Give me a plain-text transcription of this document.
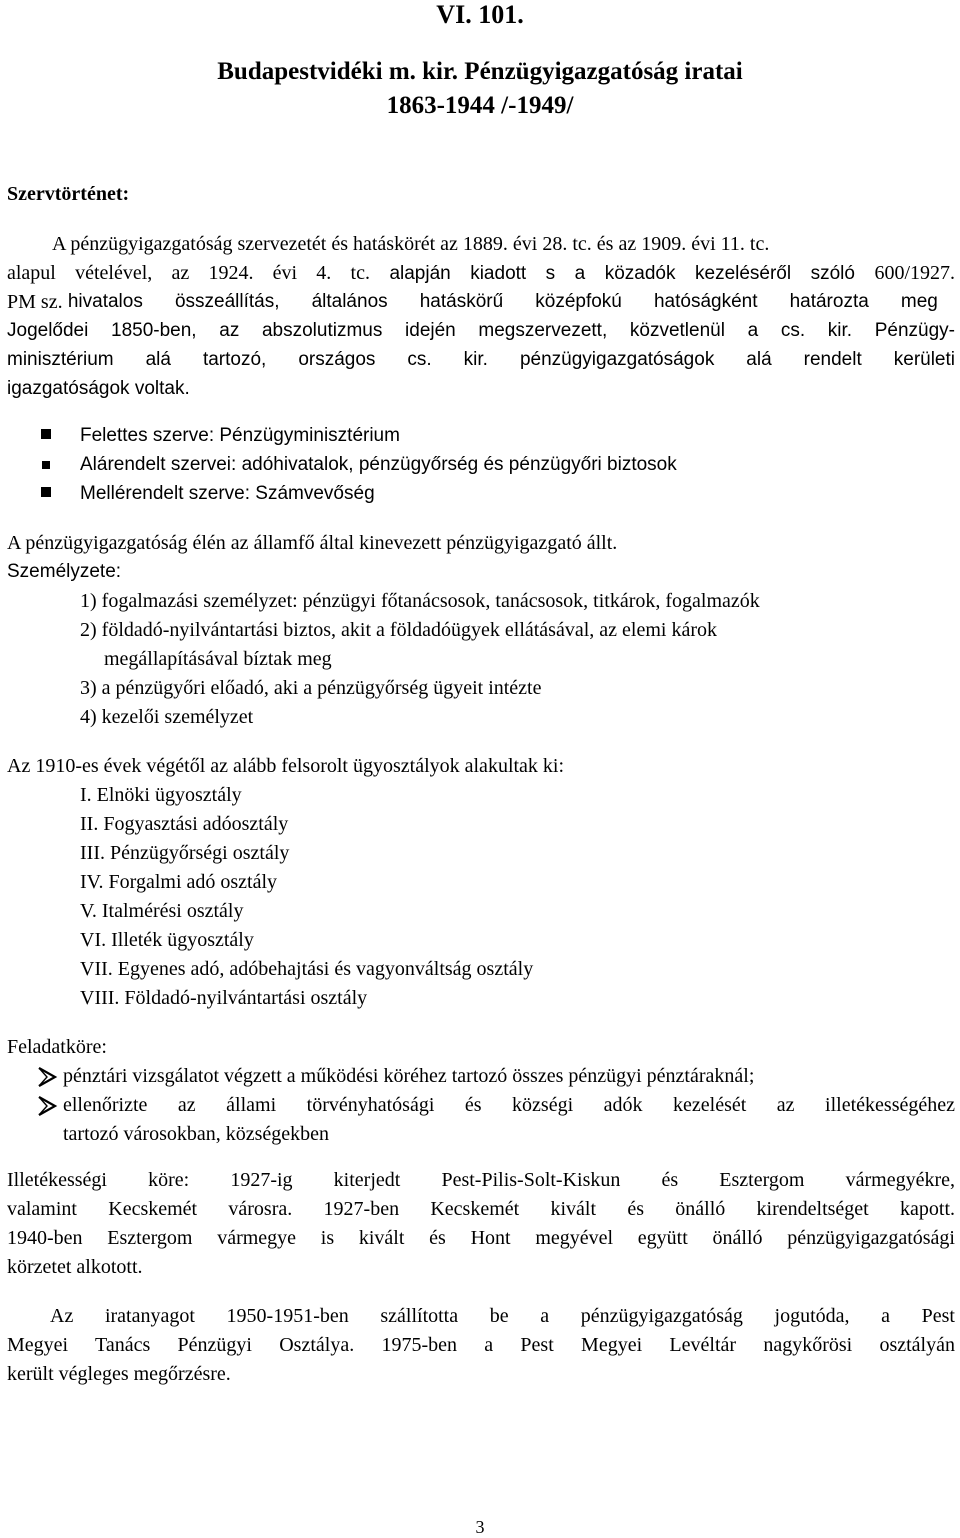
VI. 101.
Budapestvidéki m. kir. Pénzügyigazgatóság iratai
1863-1944 /-1949/
Szervtörténet:
A pénzügyigazgatóság szervezetét és hatáskörét az 1889. évi 28. tc. és az 1909. évi 11. tc.
alapul vételével, az 1924. évi 4. tc. alapján kiadott s a közadók kezeléséről szóló 600/1927.
PM sz. hivatalos összeállítás, általános hatáskörű középfokú hatóságként határozta meg
Jogelődei 1850-ben, az abszolutizmus idején megszervezett, közvetlenül a cs. kir. Pénzügy-
minisztérium alá tartozó, országos cs. kir. pénzügyigazgatóságok alá rendelt kerületi
igazgatóságok voltak.
Felettes szerve: Pénzügyminisztérium
Alárendelt szervei: adóhivatalok, pénzügyőrség és pénzügyőri biztosok
Mellérendelt szerve: Számvevőség
A pénzügyigazgatóság élén az államfő által kinevezett pénzügyigazgató állt.
Személyzete:
1) fogalmazási személyzet: pénzügyi főtanácsosok, tanácsosok, titkárok, fogalmazók
2) földadó-nyilvántartási biztos, akit a földadóügyek ellátásával, az elemi károk
megállapításával bíztak meg
3) a pénzügyőri előadó, aki a pénzügyőrség ügyeit intézte
4) kezelői személyzet
Az 1910-es évek végétől az alább felsorolt ügyosztályok alakultak ki:
I. Elnöki ügyosztály
II. Fogyasztási adóosztály
III. Pénzügyőrségi osztály
IV. Forgalmi adó osztály
V. Italmérési osztály
VI. Illeték ügyosztály
VII. Egyenes adó, adóbehajtási és vagyonváltság osztály
VIII. Földadó-nyilvántartási osztály
Feladatköre:
pénztári vizsgálatot végzett a működési köréhez tartozó összes pénzügyi pénztáraknál;
ellenőrizte az állami törvényhatósági és községi adók kezelését az illetékességéhez
tartozó városokban, községekben
Illetékességi köre: 1927-ig kiterjedt Pest-Pilis-Solt-Kiskun és Esztergom vármegyékre,
valamint Kecskemét városra. 1927-ben Kecskemét kivált és önálló kirendeltséget kapott.
1940-ben Esztergom vármegye is kivált és Hont megyével együtt önálló pénzügyigazgatósági
körzetet alkotott.
Az iratanyagot 1950-1951-ben szállította be a pénzügyigazgatóság jogutóda, a Pest
Megyei Tanács Pénzügyi Osztálya. 1975-ben a Pest Megyei Levéltár nagykőrösi osztályán
került végleges megőrzésre.
3
